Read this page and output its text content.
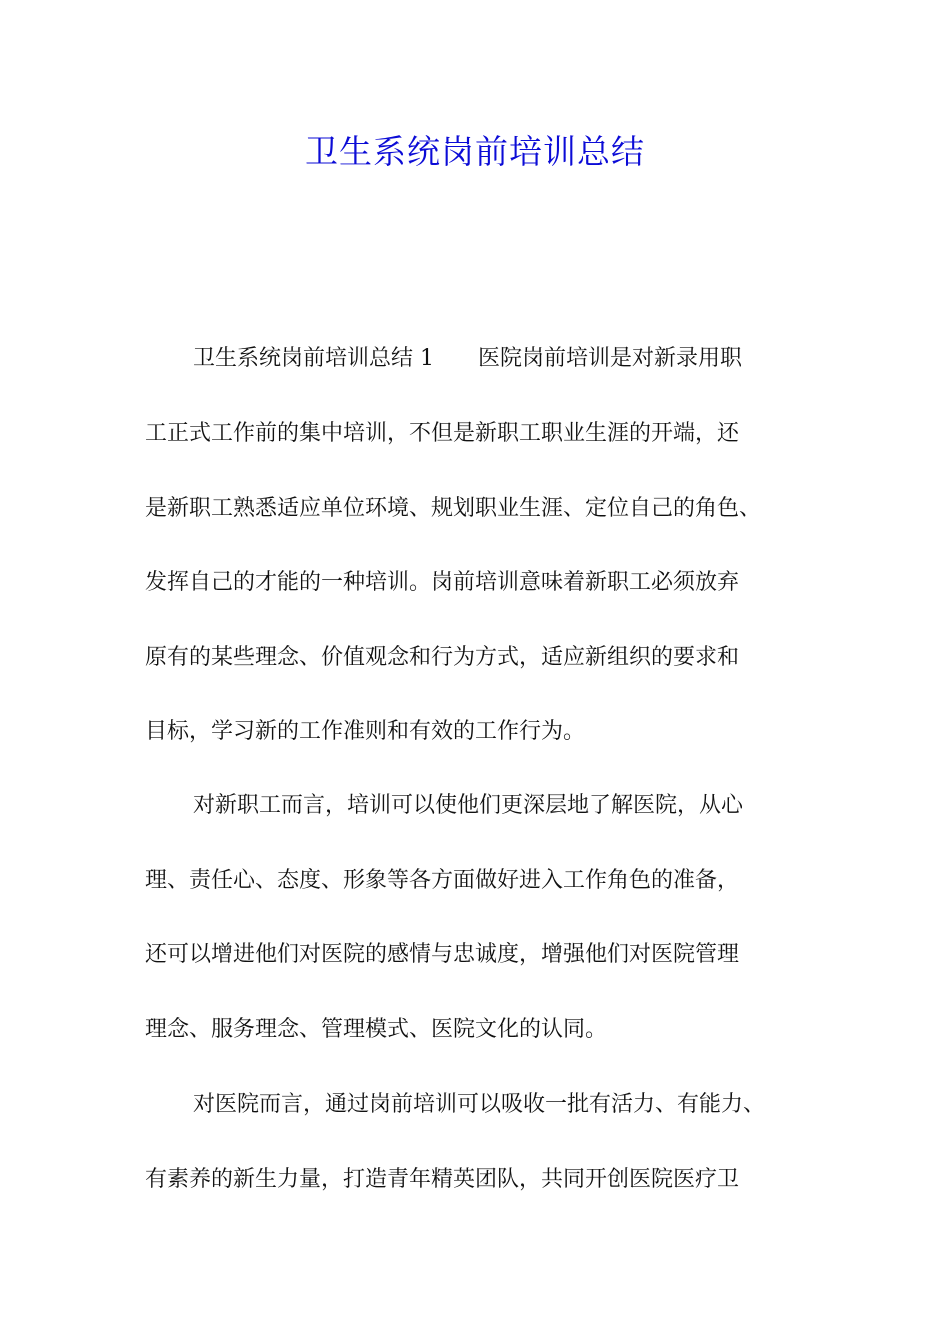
卫生系统岗前培训总结

卫生系统岗前培训总结 1　　医院岗前培训是对新录用职

工正式工作前的集中培训，不但是新职工职业生涯的开端，还

是新职工熟悉适应单位环境、规划职业生涯、定位自己的角色、

发挥自己的才能的一种培训。岗前培训意味着新职工必须放弃

原有的某些理念、价值观念和行为方式，适应新组织的要求和

目标，学习新的工作准则和有效的工作行为。

对新职工而言，培训可以使他们更深层地了解医院，从心

理、责任心、态度、形象等各方面做好进入工作角色的准备，

还可以增进他们对医院的感情与忠诚度，增强他们对医院管理

理念、服务理念、管理模式、医院文化的认同。

对医院而言，通过岗前培训可以吸收一批有活力、有能力、

有素养的新生力量，打造青年精英团队，共同开创医院医疗卫
